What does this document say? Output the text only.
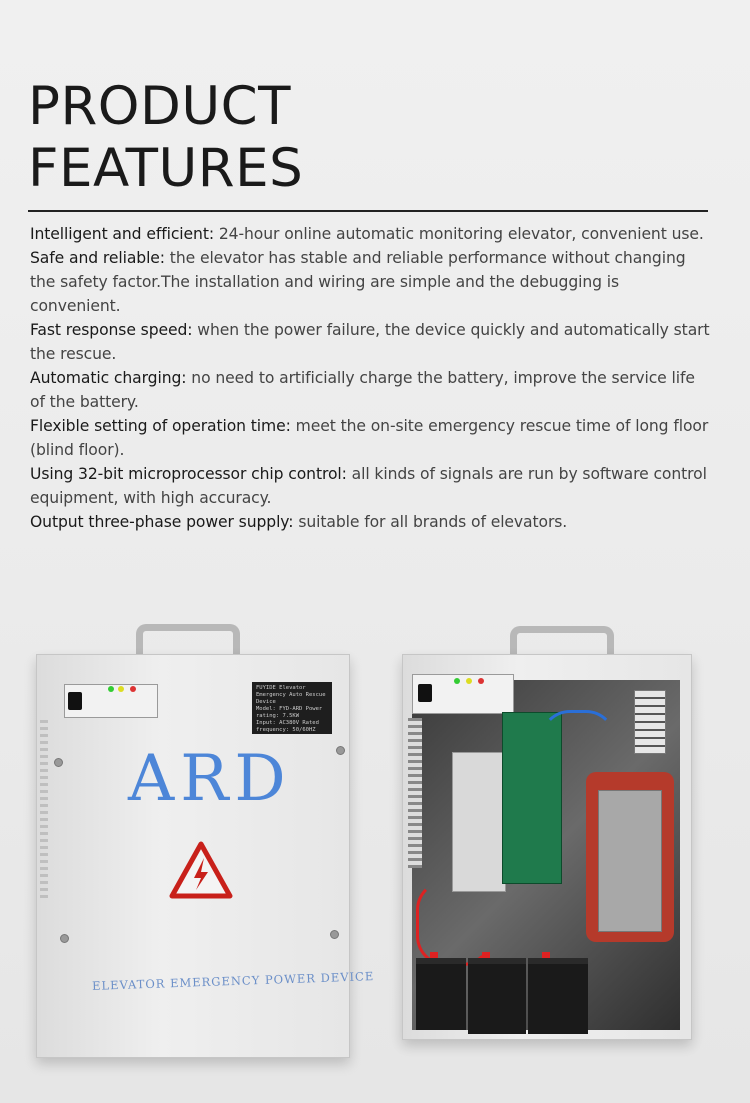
PRODUCT
FEATURES
Intelligent and efficient: 24-hour online automatic monitoring elevator, convenient use.
Safe and reliable: the elevator has stable and reliable performance without changing the safety factor.The installation and wiring are simple and the debugging is convenient.
Fast response speed: when the power failure, the device quickly and automatically start the rescue.
Automatic charging: no need to artificially charge the battery, improve the service life of the battery.
Flexible setting of operation time: meet the on-site emergency rescue time of long floor (blind floor).
Using 32-bit microprocessor chip control: all kinds of signals are run by software control equipment, with high accuracy.
Output three-phase power supply: suitable for all brands of elevators.
FUYIDE Elevator Emergency Auto Rescue Device
Model: FYD-ARD Power rating: 7.5KW
Input: AC380V Rated frequency: 50/60HZ
ARD
ELEVATOR EMERGENCY POWER DEVICE
